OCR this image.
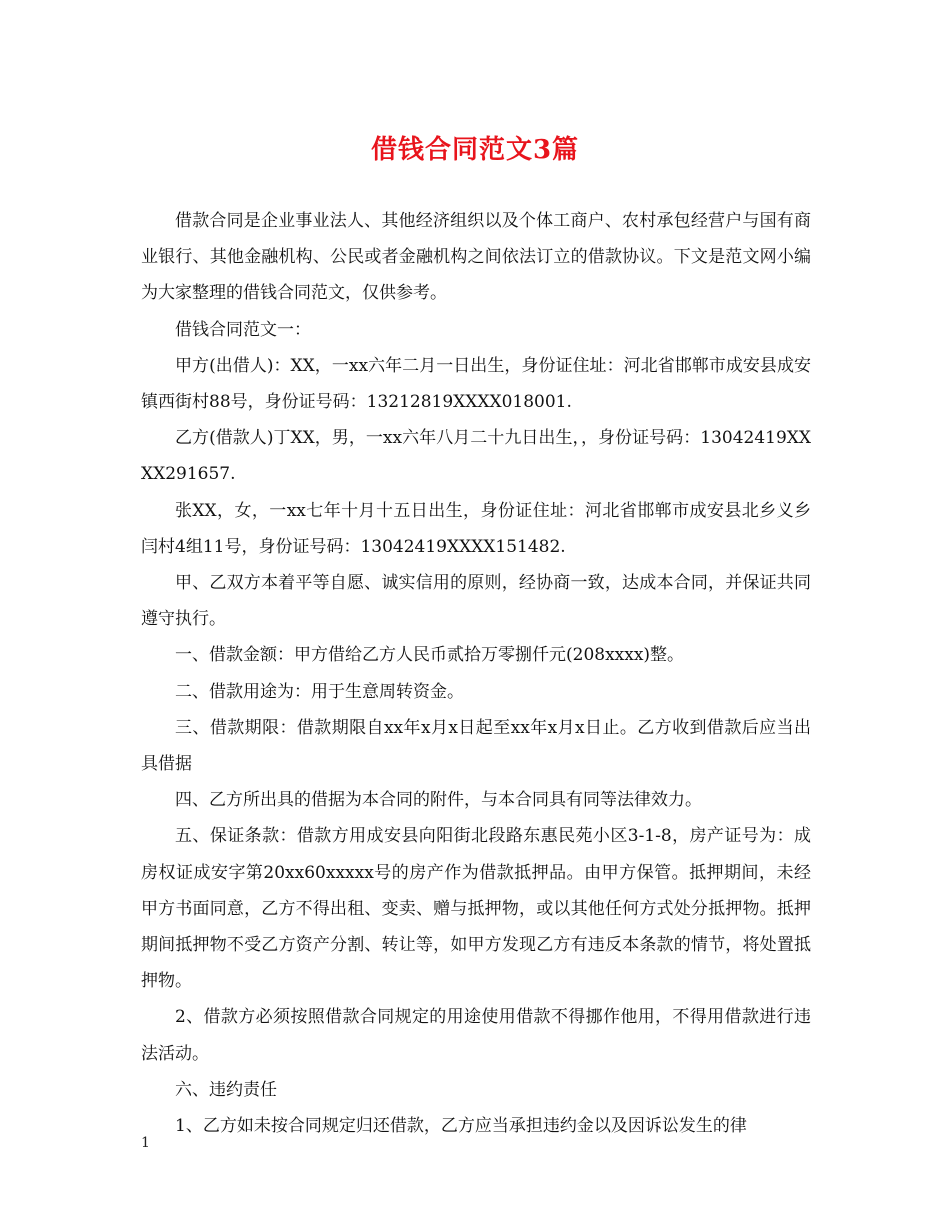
借钱合同范文3篇

借款合同是企业事业法人、其他经济组织以及个体工商户、农村承包经营户与国有商业银行、其他金融机构、公民或者金融机构之间依法订立的借款协议。下文是范文网小编为大家整理的借钱合同范文，仅供参考。

借钱合同范文一：

甲方(出借人)：XX，一xx六年二月一日出生，身份证住址：河北省邯郸市成安县成安镇西街村88号，身份证号码：13212819XXXX018001.

乙方(借款人)丁XX，男，一xx六年八月二十九日出生，，身份证号码：13042419XXXX291657.

张XX，女，一xx七年十月十五日出生，身份证住址：河北省邯郸市成安县北乡义乡闫村4组11号，身份证号码：13042419XXXX151482.

甲、乙双方本着平等自愿、诚实信用的原则，经协商一致，达成本合同，并保证共同遵守执行。

一、借款金额：甲方借给乙方人民币贰拾万零捌仟元(208xxxx)整。

二、借款用途为：用于生意周转资金。

三、借款期限：借款期限自xx年x月x日起至xx年x月x日止。乙方收到借款后应当出具借据

四、乙方所出具的借据为本合同的附件，与本合同具有同等法律效力。

五、保证条款：借款方用成安县向阳街北段路东惠民苑小区3-1-8，房产证号为：成房权证成安字第20xx60xxxxx号的房产作为借款抵押品。由甲方保管。抵押期间，未经甲方书面同意，乙方不得出租、变卖、赠与抵押物，或以其他任何方式处分抵押物。抵押期间抵押物不受乙方资产分割、转让等，如甲方发现乙方有违反本条款的情节，将处置抵押物。

2、借款方必须按照借款合同规定的用途使用借款不得挪作他用，不得用借款进行违法活动。

六、违约责任

1、乙方如未按合同规定归还借款，乙方应当承担违约金以及因诉讼发生的律

1
